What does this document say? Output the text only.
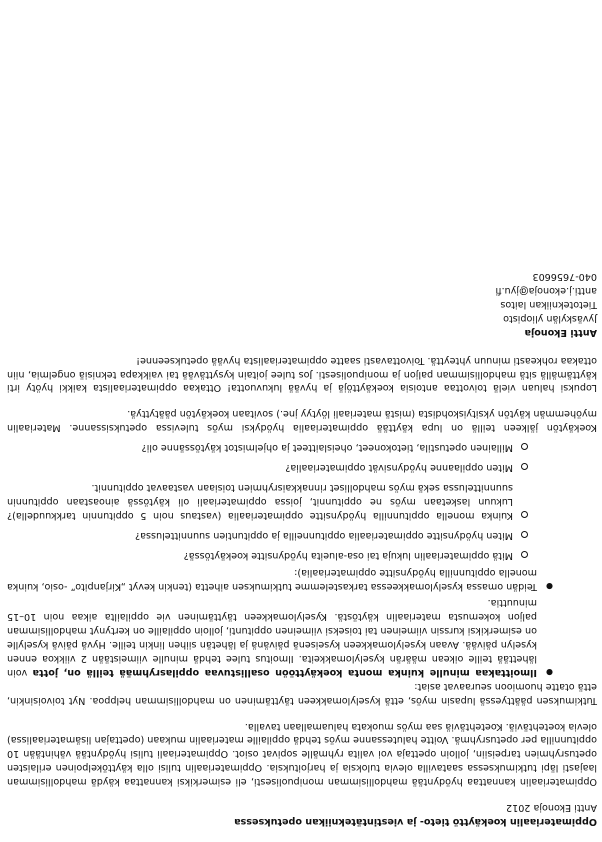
Oppimateriaalin koekäyttö tieto- ja viestintätekniikan opetuksessa

Antti Ekonoja 2012

Oppimateriaalin kannattaa hyödyntää mahdollisimman monipuolisesti, eli esimerkiksi kannattaa käydä mahdollisimman laajasti läpi tutkimuksessa saatavilla olevia tuloksia ja harjoituksia. Oppimateriaalin tulisi olla käyttökelpoinen erilaisten opetusryhmien tarpeisiin, jolloin opettaja voi valita ryhmälle sopivat osiot. Oppimateriaali tulisi hyödyntää vähintään 10 oppitunnilla per opetusryhmä. Voitte halutessanne myös tehdä oppilaille materiaalin mukaan (opettajan lisämateriaalissa) olevia koetehtäviä. Koetehtäviä saa myös muokata haluamallaan tavalla.

Tutkimuksen päättyessä lupasin myös, että kyselylomakkeen täyttäminen on mahdollisimman helppoa. Nyt toivoisinkin, että otatte huomioon seuraavat asiat:

● Ilmoittakaa minulle kuinka monta koekäyttöön osallistuvaa oppilasryhmää teillä on, jotta voin lähettää teille oikean määrän kyselylomakkeita. Ilmoitus tulee tehdä minulle viimeistään 2 viikkoa ennen kyselyn päivää. Avaan kyselylomakkeen kyseisenä päivänä ja lähetän siihen linkin teille. Hyvä päivä kyselylle on esimerkiksi kurssin viimeinen tai toiseksi viimeinen oppitunti, jolloin oppilaille on kertynyt mahdollisimman paljon kokemusta materiaalin käytöstä. Kyselylomakkeen täyttäminen vie oppilailta aikaa noin 10–15 minuuttia.
● Teidän omassa kyselylomakkeessa tarkastelemme tutkimuksen aihetta (tenkin kevyt „Kirjanpito” -osio, kuinka monella oppitunnilla hyödynsitte oppimateriaalia):
Mitä oppimateriaalin lukuja tai osa-alueita hyödynsitte koekäytössä?
Miten hyödynsitte oppimateriaalia oppitunneilla ja oppituntien suunnittelussa?
Kuinka monella oppitunnilla hyödynsitte oppimateriaalia (vastaus noin 5 oppitunnin tarkkuudella)? Lukuun lasketaan myös ne oppitunnit, joissa oppimateriaali oli käytössä ainoastaan oppitunnin suunnittelussa sekä myös mahdolliset rinnakkaisryhmien toisiaan vastaavat oppitunnit.
Miten oppilaanne hyödynsivät oppimateriaalia?
Millainen opetustila, tietokoneet, oheislaitteet ja ohjelmistot käytössänne oli?

Koekäytön jälkeen teillä on lupa käyttää oppimateriaalia hyödyksi myös tulevissa opetuksissanne. Materiaalin myöhemmän käytön yksityiskohdista (mistä materiaali löytyy jne.) sovitaan koekäytön päätyttyä.

Lopuksi haluan vielä toivottaa antoisia koekäyttöjä ja hyvää lukuvuotta! Ottakaa oppimateriaalista kaikki hyöty irti käyttämällä sitä mahdollisimman paljon ja monipuolisesti. Jos tulee joitain kysyttävää tai vaikkapa teknisiä ongelmia, niin ottakaa rohkeasti minuun yhteyttä. Toivottavasti saatte oppimateriaalista hyvää opetukseenne!

Antti Ekonoja

Jyväskylän yliopisto

Tietotekniikan laitos

antti.j.ekonoja@jyu.fi

040-7656603
